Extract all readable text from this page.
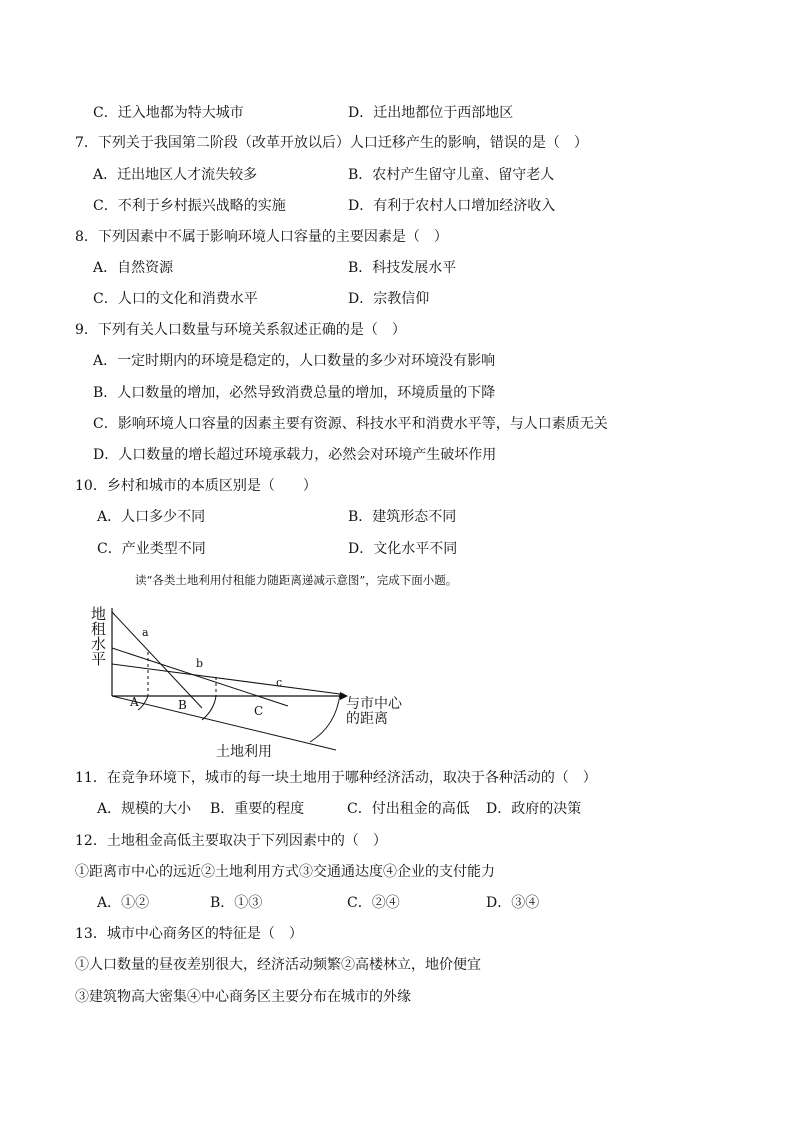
C．迁入地都为特大城市	D．迁出地都位于西部地区
7．下列关于我国第二阶段（改革开放以后）人口迁移产生的影响，错误的是（　）
A．迁出地区人才流失较多	B．农村产生留守儿童、留守老人
C．不利于乡村振兴战略的实施	D．有利于农村人口增加经济收入
8．下列因素中不属于影响环境人口容量的主要因素是（　）
A．自然资源	B．科技发展水平
C．人口的文化和消费水平	D．宗教信仰
9．下列有关人口数量与环境关系叙述正确的是（　）
A．一定时期内的环境是稳定的，人口数量的多少对环境没有影响
B．人口数量的增加，必然导致消费总量的增加，环境质量的下降
C．影响环境人口容量的因素主要有资源、科技水平和消费水平等，与人口素质无关
D．人口数量的增长超过环境承载力，必然会对环境产生破坏作用
10．乡村和城市的本质区别是（　　）
A．人口多少不同	B．建筑形态不同
C．产业类型不同	D．文化水平不同
读“各类土地利用付租能力随距离递减示意图”，完成下面小题。
地租水平	a
b
c
A	B	C	与市中心
的距离
土地利用
11．在竞争环境下，城市的每一块土地用于哪种经济活动，取决于各种活动的（　）
A．规模的大小 B．重要的程度	C．付出租金的高低 D．政府的决策
12．土地租金高低主要取决于下列因素中的（　）
①距离市中心的远近②土地利用方式③交通通达度④企业的支付能力
A．①②	B．①③	C．②④	D．③④
13．城市中心商务区的特征是（　）
①人口数量的昼夜差别很大，经济活动频繁②高楼林立，地价便宜
③建筑物高大密集④中心商务区主要分布在城市的外缘
